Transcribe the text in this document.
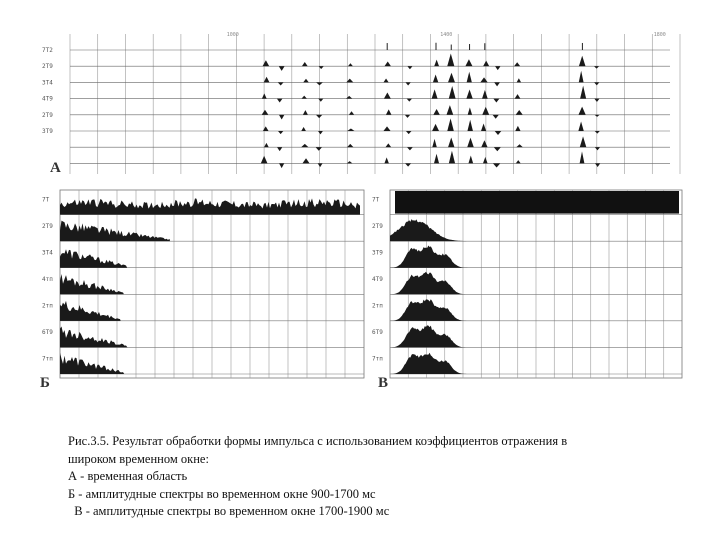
1000	1400	1800
7Т2
2Т9
3Т4
4Т9
2Т9
3Т9
А
7Т
2Т9
3Т4
4тп
2тп
6Т9
7тп
Б
7Т
2Т9
3Т9
4Т9
2тп
6Т9
7тп
В
Рис.3.5. Результат обработки формы импульса с использованием коэффициентов отражения в
широком временном окне:
А - временная область
Б - амплитудные спектры во временном окне 900-1700 мс
В - амплитудные спектры во временном окне 1700-1900 мс
